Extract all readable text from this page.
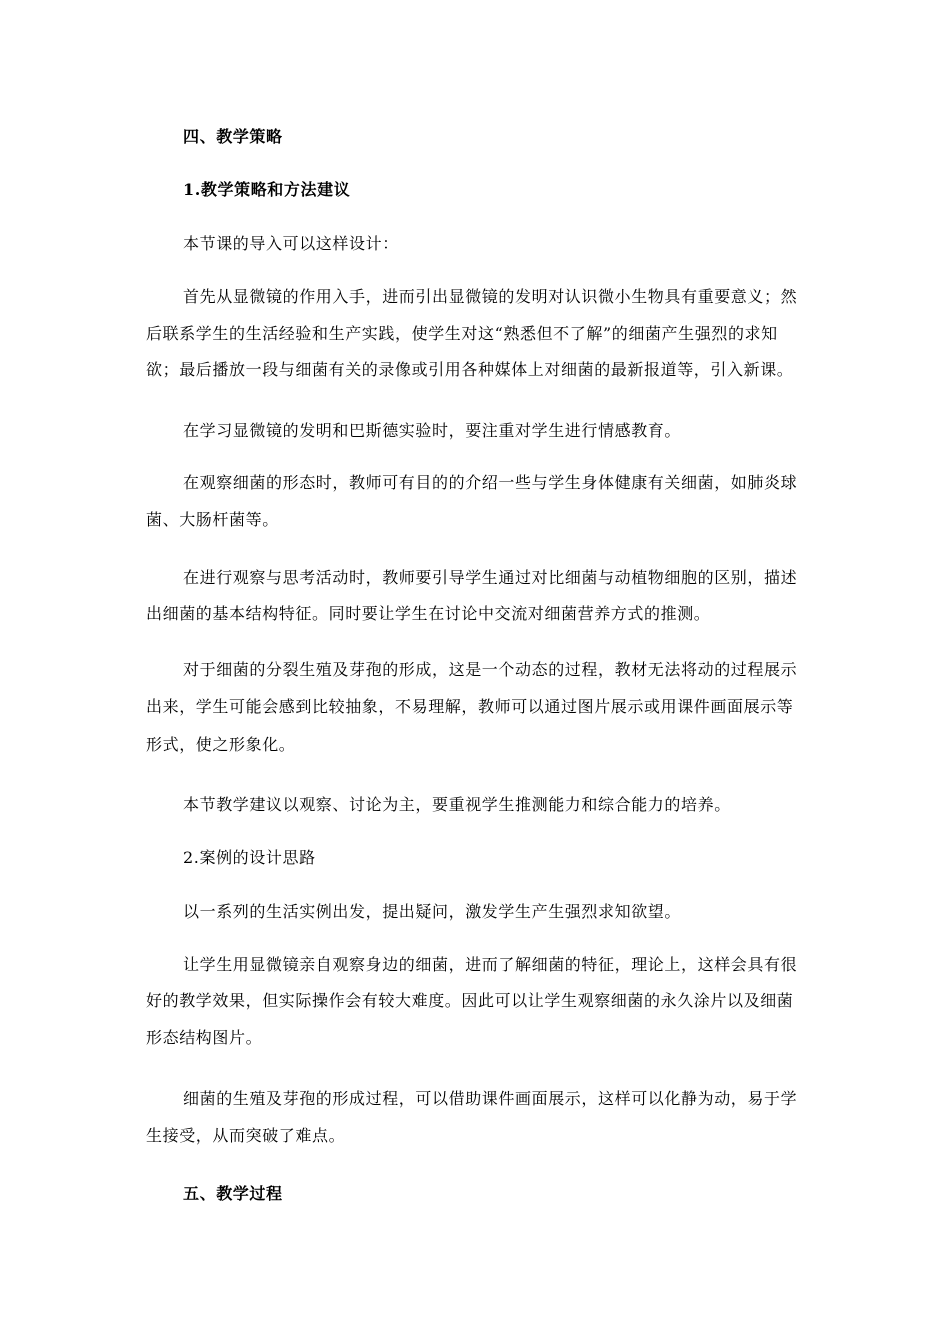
四、教学策略
1.教学策略和方法建议
本节课的导入可以这样设计：
首先从显微镜的作用入手，进而引出显微镜的发明对认识微小生物具有重要意义；然
后联系学生的生活经验和生产实践，使学生对这“熟悉但不了解”的细菌产生强烈的求知
欲；最后播放一段与细菌有关的录像或引用各种媒体上对细菌的最新报道等，引入新课。
在学习显微镜的发明和巴斯德实验时，要注重对学生进行情感教育。
在观察细菌的形态时，教师可有目的的介绍一些与学生身体健康有关细菌，如肺炎球
菌、大肠杆菌等。
在进行观察与思考活动时，教师要引导学生通过对比细菌与动植物细胞的区别，描述
出细菌的基本结构特征。同时要让学生在讨论中交流对细菌营养方式的推测。
对于细菌的分裂生殖及芽孢的形成，这是一个动态的过程，教材无法将动的过程展示
出来，学生可能会感到比较抽象，不易理解，教师可以通过图片展示或用课件画面展示等
形式，使之形象化。
本节教学建议以观察、讨论为主，要重视学生推测能力和综合能力的培养。
2.案例的设计思路
以一系列的生活实例出发，提出疑问，激发学生产生强烈求知欲望。
让学生用显微镜亲自观察身边的细菌，进而了解细菌的特征，理论上，这样会具有很
好的教学效果，但实际操作会有较大难度。因此可以让学生观察细菌的永久涂片以及细菌
形态结构图片。
细菌的生殖及芽孢的形成过程，可以借助课件画面展示，这样可以化静为动，易于学
生接受，从而突破了难点。
五、教学过程
